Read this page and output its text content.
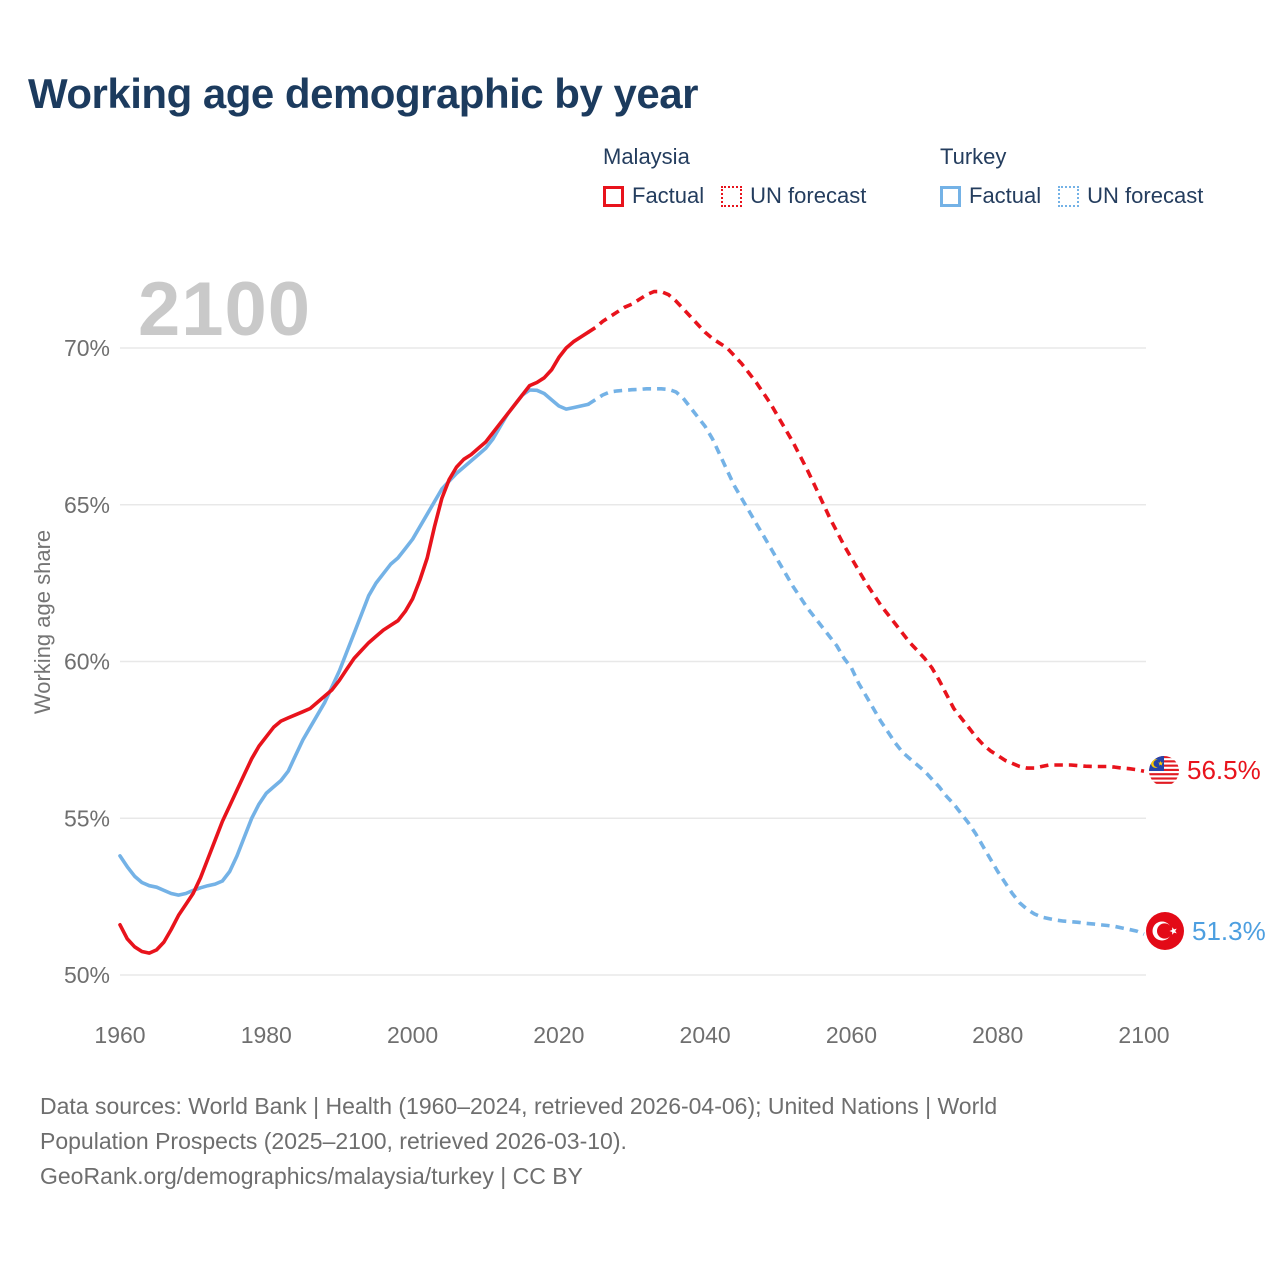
Working age demographic by year
Malaysia
Factual UN forecast
Turkey
Factual UN forecast
2100
Working age share
50%
55%
60%
65%
70%
1960	1980	2000	2020	2040	2060	2080	2100
56.5%
51.3%
Data sources: World Bank | Health (1960–2024, retrieved 2026-04-06); United Nations | World
Population Prospects (2025–2100, retrieved 2026-03-10).
GeoRank.org/demographics/malaysia/turkey | CC BY
